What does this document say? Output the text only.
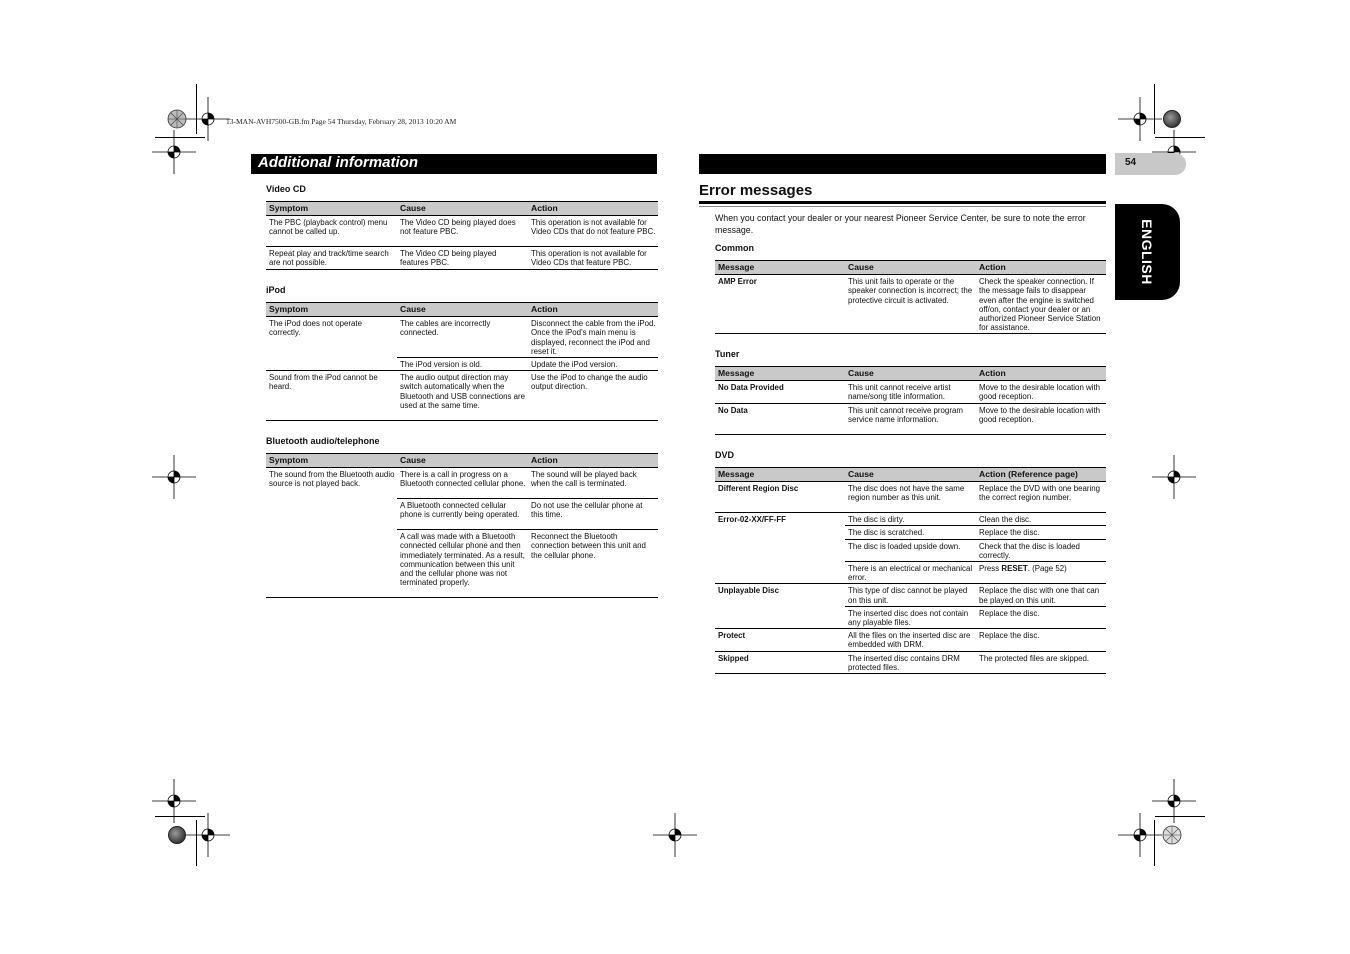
13-MAN-AVH7500-GB.fm Page 54 Thursday, February 28, 2013 10:20 AM
Additional information	54
ENGLISH
Video CD
Symptom	Cause	Action
The PBC (playback control) menu cannot be called up.	The Video CD being played does not feature PBC.	This operation is not available for Video CDs that do not feature PBC.
Repeat play and track/time search are not possible.	The Video CD being played features PBC.	This operation is not available for Video CDs that feature PBC.
iPod
Symptom	Cause	Action
The iPod does not operate correctly.	The cables are incorrectly connected.	Disconnect the cable from the iPod. Once the iPod’s main menu is displayed, reconnect the iPod and reset it.
	The iPod version is old.	Update the iPod version.
Sound from the iPod cannot be heard.	The audio output direction may switch automatically when the Bluetooth and USB connections are used at the same time.	Use the iPod to change the audio output direction.
Bluetooth audio/telephone
Symptom	Cause	Action
The sound from the Bluetooth audio source is not played back.	There is a call in progress on a Bluetooth connected cellular phone.	The sound will be played back when the call is terminated.
	A Bluetooth connected cellular phone is currently being operated.	Do not use the cellular phone at this time.
	A call was made with a Bluetooth connected cellular phone and then immediately terminated. As a result, communication between this unit and the cellular phone was not terminated properly.	Reconnect the Bluetooth connection between this unit and the cellular phone.
Error messages
When you contact your dealer or your nearest Pioneer Service Center, be sure to note the error message.
Common
Message	Cause	Action
AMP Error	This unit fails to operate or the speaker connection is incorrect; the protective circuit is activated.	Check the speaker connection. If the message fails to disappear even after the engine is switched off/on, contact your dealer or an authorized Pioneer Service Station for assistance.
Tuner
Message	Cause	Action
No Data Provided	This unit cannot receive artist name/song title information.	Move to the desirable location with good reception.
No Data	This unit cannot receive program service name information.	Move to the desirable location with good reception.
DVD
Message	Cause	Action (Reference page)
Different Region Disc	The disc does not have the same region number as this unit.	Replace the DVD with one bearing the correct region number.
Error-02-XX/FF-FF	The disc is dirty.	Clean the disc.
	The disc is scratched.	Replace the disc.
	The disc is loaded upside down.	Check that the disc is loaded correctly.
	There is an electrical or mechanical error.	Press RESET. (Page 52)
Unplayable Disc	This type of disc cannot be played on this unit.	Replace the disc with one that can be played on this unit.
	The inserted disc does not contain any playable files.	Replace the disc.
Protect	All the files on the inserted disc are embedded with DRM.	Replace the disc.
Skipped	The inserted disc contains DRM protected files.	The protected files are skipped.
